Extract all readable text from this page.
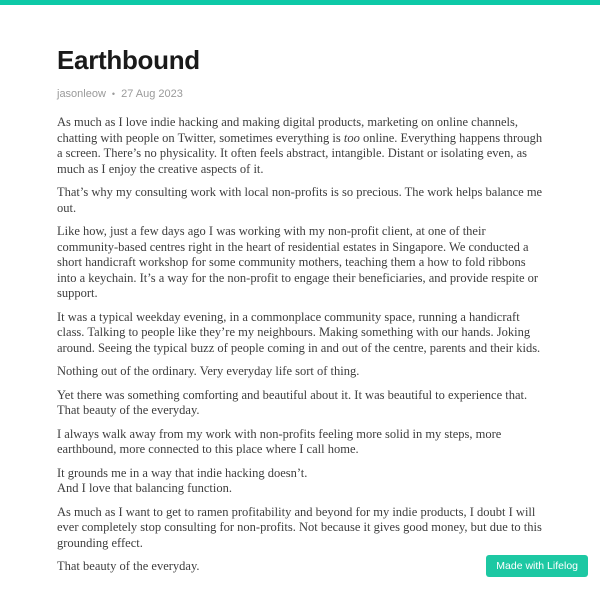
Earthbound
jasonleow • 27 Aug 2023

As much as I love indie hacking and making digital products, marketing on online channels, chatting with people on Twitter, sometimes everything is too online. Everything happens through a screen. There’s no physicality. It often feels abstract, intangible. Distant or isolating even, as much as I enjoy the creative aspects of it.

That’s why my consulting work with local non-profits is so precious. The work helps balance me out.

Like how, just a few days ago I was working with my non-profit client, at one of their community-based centres right in the heart of residential estates in Singapore. We conducted a short handicraft workshop for some community mothers, teaching them a how to fold ribbons into a keychain. It’s a way for the non-profit to engage their beneficiaries, and provide respite or support.

It was a typical weekday evening, in a commonplace community space, running a handicraft class. Talking to people like they’re my neighbours. Making something with our hands. Joking around. Seeing the typical buzz of people coming in and out of the centre, parents and their kids.

Nothing out of the ordinary. Very everyday life sort of thing.

Yet there was something comforting and beautiful about it. It was beautiful to experience that. That beauty of the everyday.

I always walk away from my work with non-profits feeling more solid in my steps, more earthbound, more connected to this place where I call home.

It grounds me in a way that indie hacking doesn’t.
And I love that balancing function.

As much as I want to get to ramen profitability and beyond for my indie products, I doubt I will ever completely stop consulting for non-profits. Not because it gives good money, but due to this grounding effect.

That beauty of the everyday.	Made with Lifelog
